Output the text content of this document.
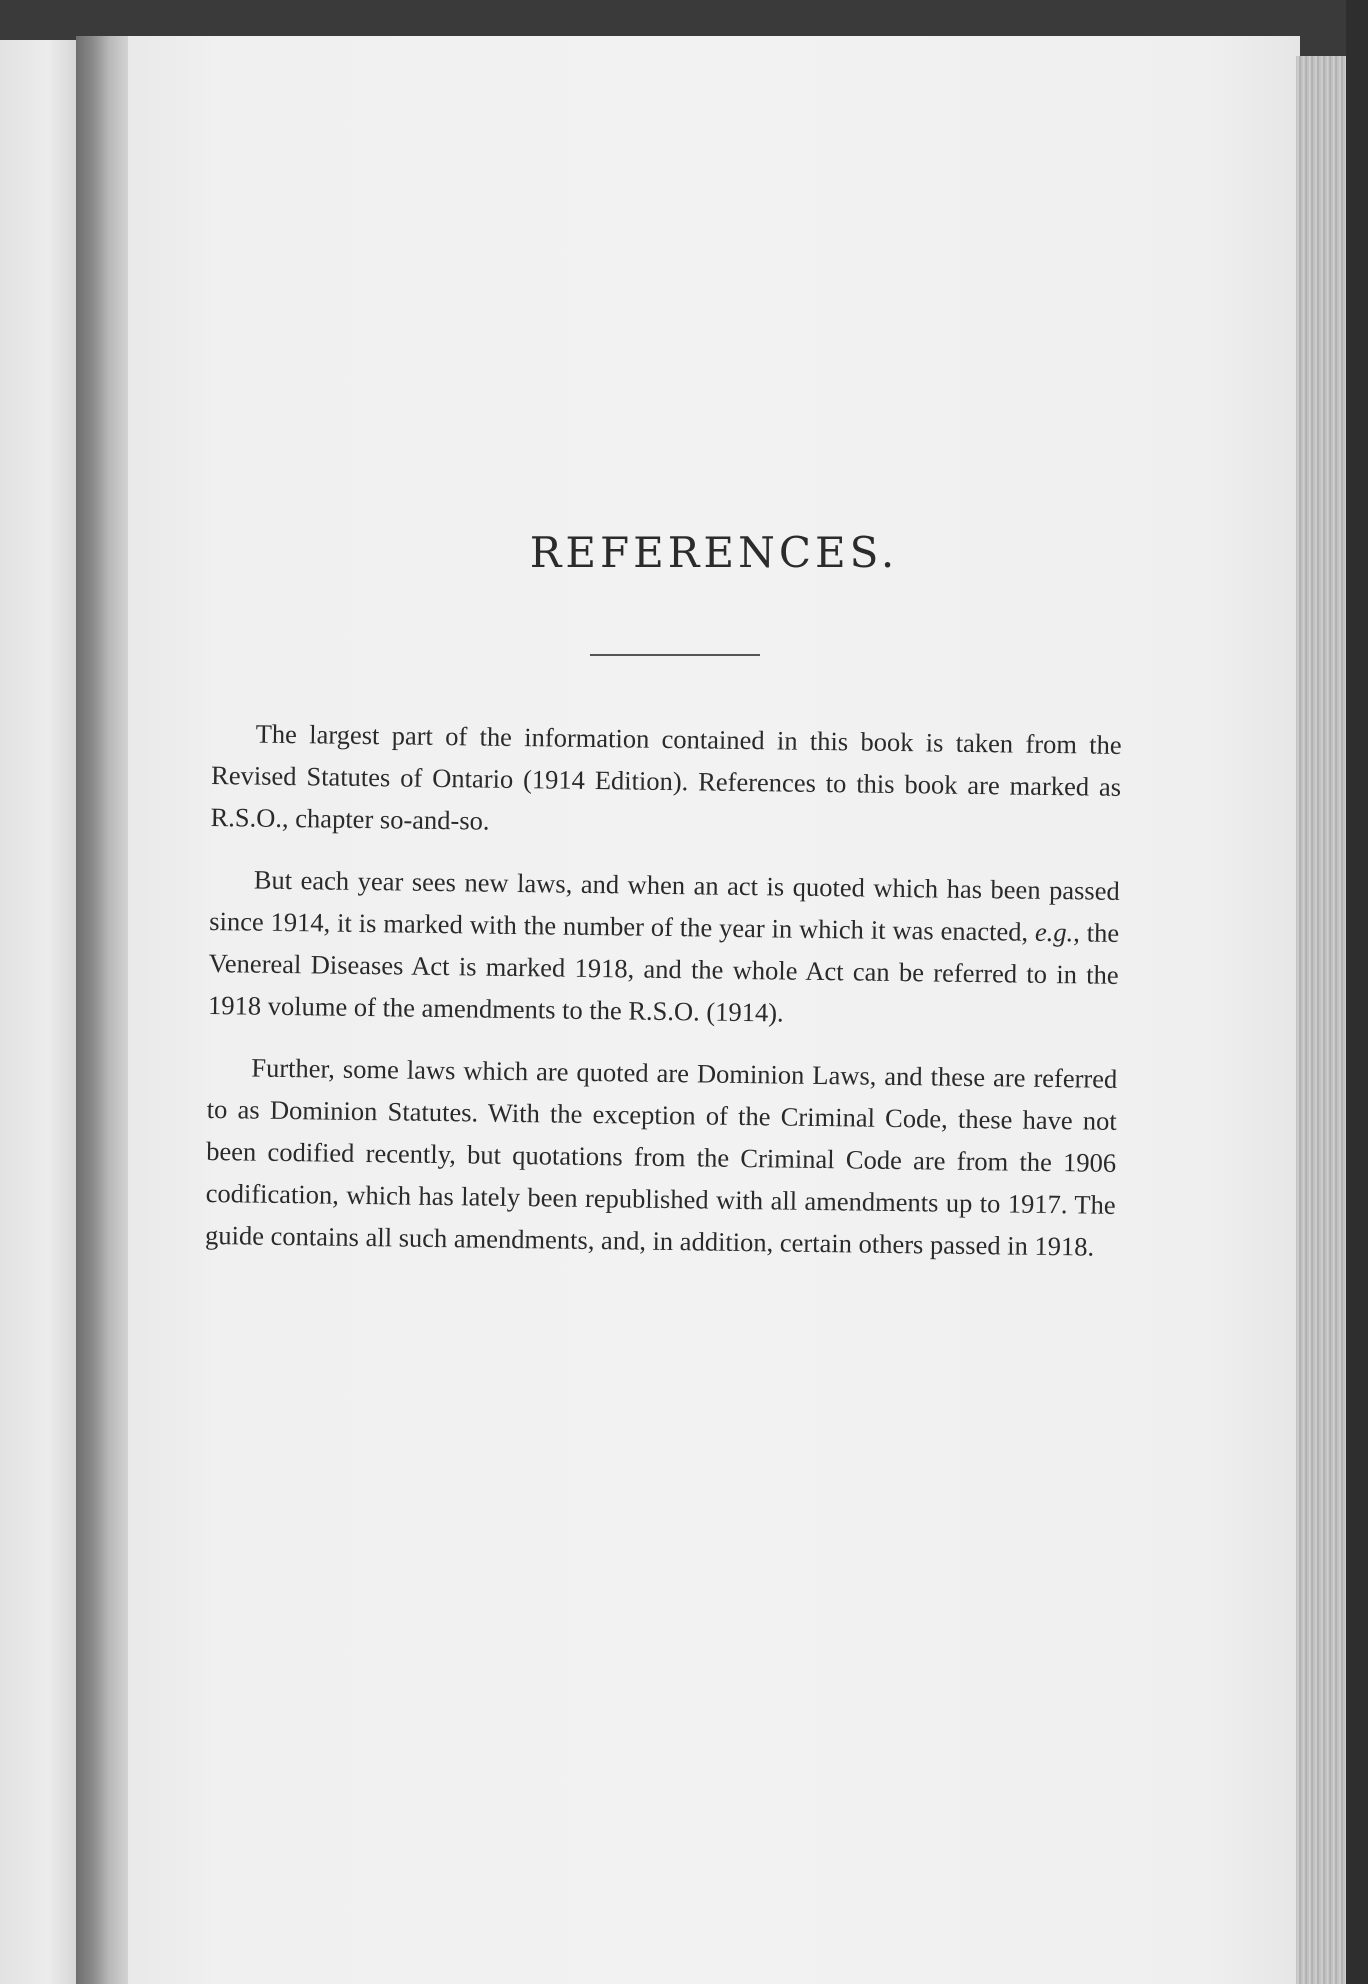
REFERENCES.

The largest part of the information contained in this book is taken from the Revised Statutes of Ontario (1914 Edition). References to this book are marked as R.S.O., chapter so-and-so.

But each year sees new laws, and when an act is quoted which has been passed since 1914, it is marked with the number of the year in which it was enacted, e.g., the Venereal Diseases Act is marked 1918, and the whole Act can be referred to in the 1918 volume of the amendments to the R.S.O. (1914).

Further, some laws which are quoted are Dominion Laws, and these are referred to as Dominion Statutes. With the exception of the Criminal Code, these have not been codified recently, but quotations from the Criminal Code are from the 1906 codification, which has lately been republished with all amendments up to 1917. The guide contains all such amendments, and, in addition, certain others passed in 1918.
